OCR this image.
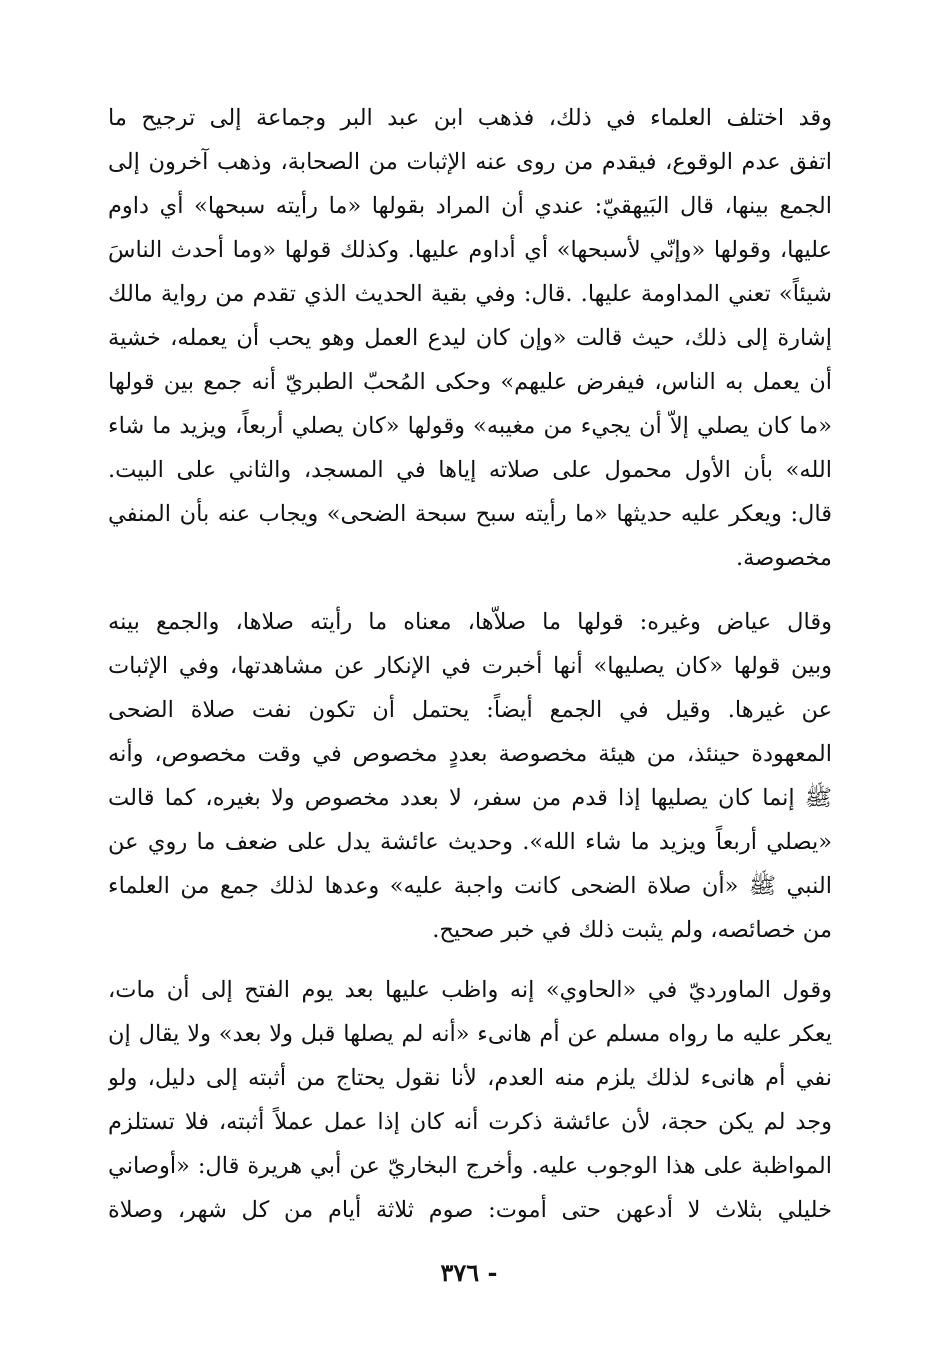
وقد اختلف العلماء في ذلك، فذهب ابن عبد البر وجماعة إلى ترجيح ما
اتفق عدم الوقوع، فيقدم من روى عنه الإثبات من الصحابة، وذهب آخرون إلى
الجمع بينها، قال البَيهقيّ: عندي أن المراد بقولها «ما رأيته سبحها» أي داوم
عليها، وقولها «وإنّي لأسبحها» أي أداوم عليها. وكذلك قولها «وما أحدث الناسَ
شيئاً» تعني المداومة عليها. .قال: وفي بقية الحديث الذي تقدم من رواية مالك
إشارة إلى ذلك، حيث قالت «وإن كان ليدع العمل وهو يحب أن يعمله، خشية
أن يعمل به الناس، فيفرض عليهم» وحكى المُحبّ الطبريّ أنه جمع بين قولها
«ما كان يصلي إلاّ أن يجيء من مغيبه» وقولها «كان يصلي أربعاً، ويزيد ما شاء
الله» بأن الأول محمول على صلاته إياها في المسجد، والثاني على البيت.
قال: ويعكر عليه حديثها «ما رأيته سبح سبحة الضحى» ويجاب عنه بأن المنفي
مخصوصة.
وقال عياض وغيره: قولها ما صلاّها، معناه ما رأيته صلاها، والجمع بينه
وبين قولها «كان يصليها» أنها أخبرت في الإنكار عن مشاهدتها، وفي الإثبات
عن غيرها. وقيل في الجمع أيضاً: يحتمل أن تكون نفت صلاة الضحى
المعهودة حينئذ، من هيئة مخصوصة بعددٍ مخصوص في وقت مخصوص، وأنه
ﷺ إنما كان يصليها إذا قدم من سفر، لا بعدد مخصوص ولا بغيره، كما قالت
«يصلي أربعاً ويزيد ما شاء الله». وحديث عائشة يدل على ضعف ما روي عن
النبي ﷺ «أن صلاة الضحى كانت واجبة عليه» وعدها لذلك جمع من العلماء
من خصائصه، ولم يثبت ذلك في خبر صحيح.
وقول الماورديّ في «الحاوي» إنه واظب عليها بعد يوم الفتح إلى أن مات،
يعكر عليه ما رواه مسلم عن أم هانىء «أنه لم يصلها قبل ولا بعد» ولا يقال إن
نفي أم هانىء لذلك يلزم منه العدم، لأنا نقول يحتاج من أثبته إلى دليل، ولو
وجد لم يكن حجة، لأن عائشة ذكرت أنه كان إذا عمل عملاً أثبته، فلا تستلزم
المواظبة على هذا الوجوب عليه. وأخرج البخاريّ عن أبي هريرة قال: «أوصاني
خليلي بثلاث لا أدعهن حتى أموت: صوم ثلاثة أيام من كل شهر، وصلاة
- ٣٧٦
